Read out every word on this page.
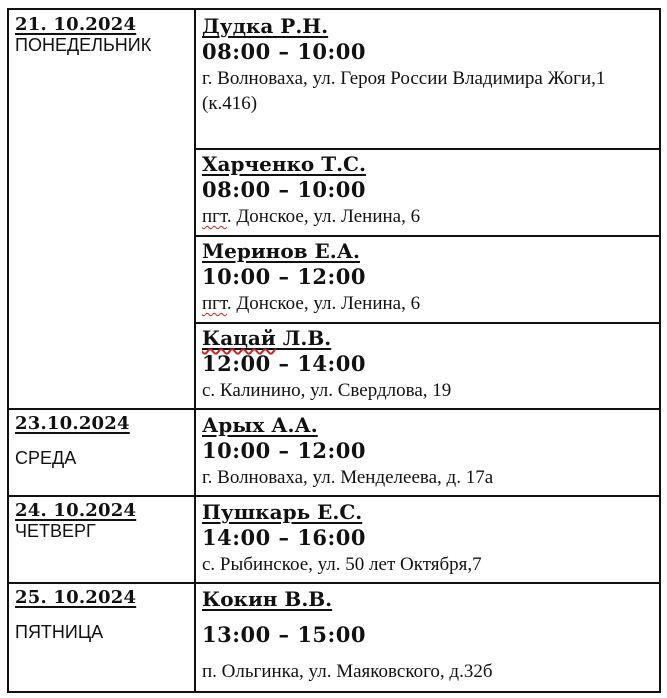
21. 10.2024
ПОНЕДЕЛЬНИК
23.10.2024
СРЕДА
24. 10.2024
ЧЕТВЕРГ
25. 10.2024
ПЯТНИЦА
Дудка Р.Н.
08:00 – 10:00
г. Волноваха, ул. Героя России Владимира Жоги,1 (к.416)
Харченко Т.С.
08:00 – 10:00
пгт. Донское, ул. Ленина, 6
Меринов Е.А.
10:00 – 12:00
пгт. Донское, ул. Ленина, 6
Кацай Л.В.
12:00 – 14:00
с. Калинино, ул. Свердлова, 19
Арых А.А.
10:00 – 12:00
г. Волноваха, ул. Менделеева, д. 17а
Пушкарь Е.С.
14:00 – 16:00
с. Рыбинское, ул. 50 лет Октября,7
Кокин В.В.
13:00 – 15:00
п. Ольгинка, ул. Маяковского, д.32б
